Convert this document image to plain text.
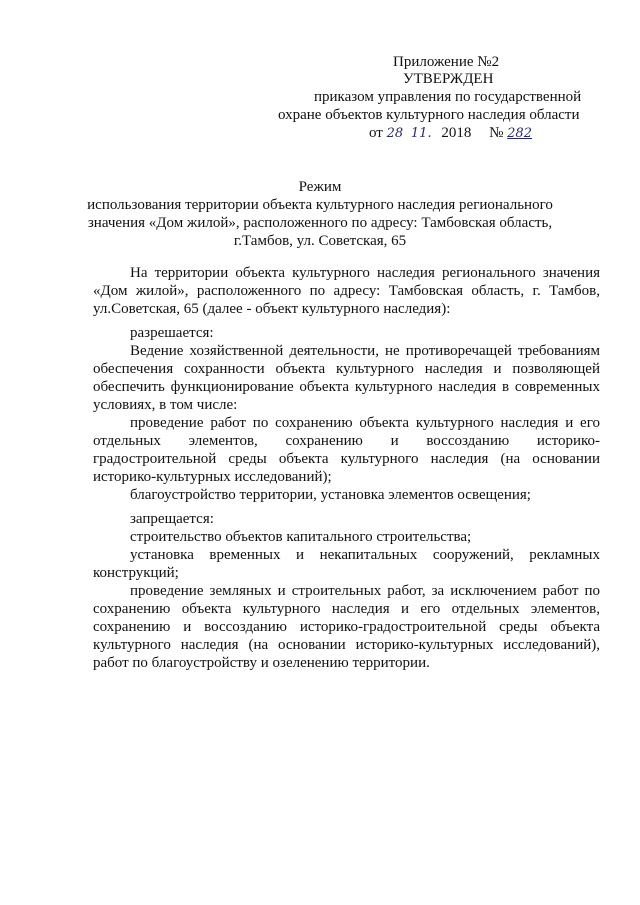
Приложение №2
УТВЕРЖДЕН
приказом управления по государственной
охране объектов культурного наследия области
от 28 11. 2018 № 282
Режим
использования территории объекта культурного наследия регионального
значения «Дом жилой», расположенного по адресу: Тамбовская область,
г.Тамбов, ул. Советская, 65
На территории объекта культурного наследия регионального значения
«Дом жилой», расположенного по адресу: Тамбовская область, г. Тамбов,
ул.Советская, 65 (далее - объект культурного наследия):
разрешается:
Ведение хозяйственной деятельности, не противоречащей требованиям
обеспечения сохранности объекта культурного наследия и позволяющей
обеспечить функционирование объекта культурного наследия в современных
условиях, в том числе:
проведение работ по сохранению объекта культурного наследия и его
отдельных элементов, сохранению и воссозданию историко-
градостроительной среды объекта культурного наследия (на основании
историко-культурных исследований);
благоустройство территории, установка элементов освещения;
запрещается:
строительство объектов капитального строительства;
установка временных и некапитальных сооружений, рекламных
конструкций;
проведение земляных и строительных работ, за исключением работ по
сохранению объекта культурного наследия и его отдельных элементов,
сохранению и воссозданию историко-градостроительной среды объекта
культурного наследия (на основании историко-культурных исследований),
работ по благоустройству и озеленению территории.
